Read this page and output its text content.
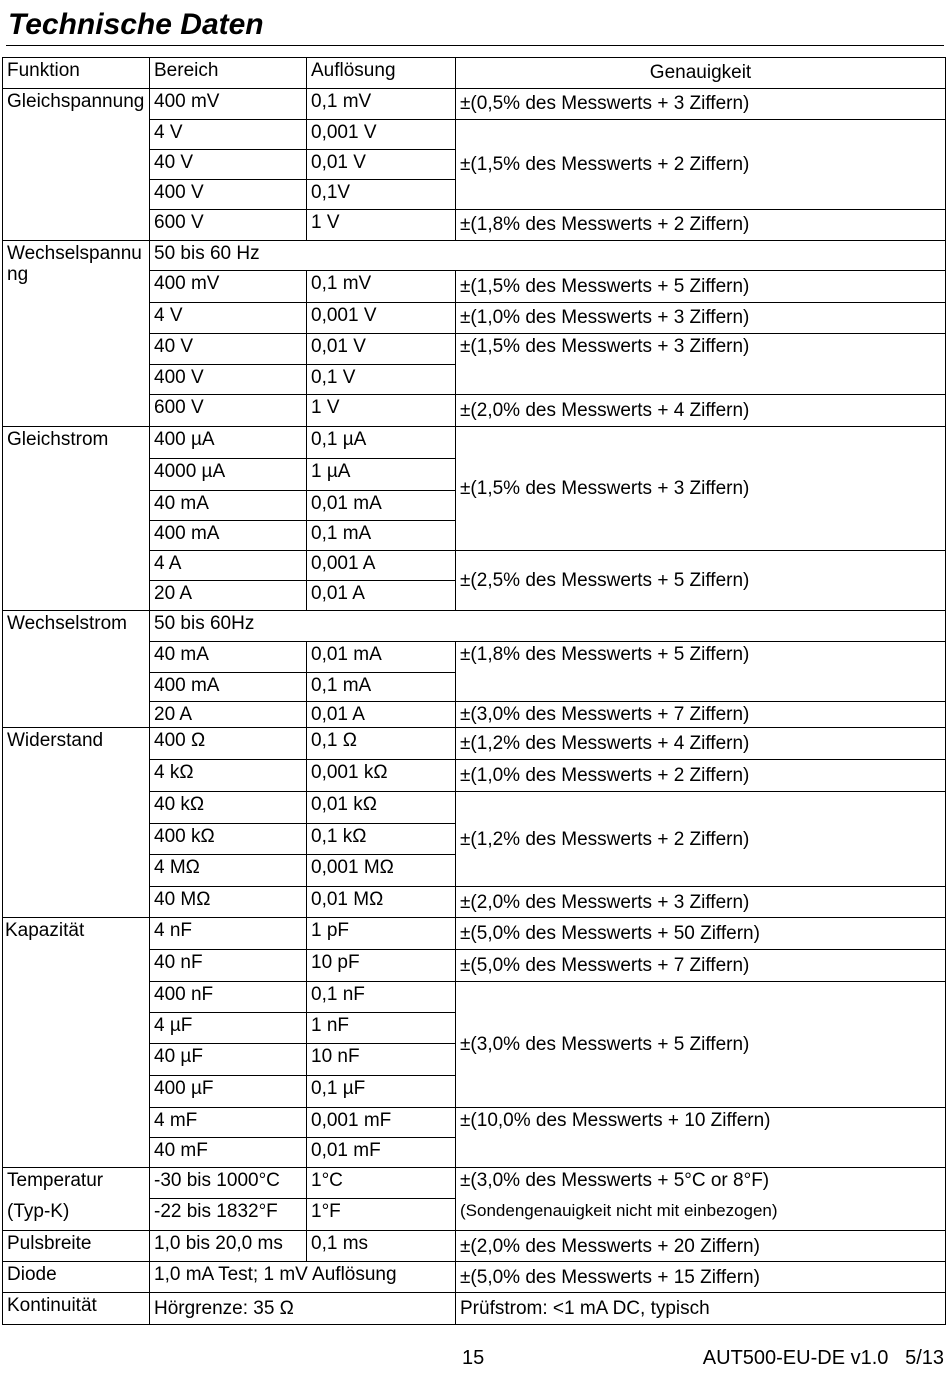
Technische Daten
Funktion	Bereich	Auflösung	Genauigkeit
Gleichspannung	400 mV	0,1 mV	±(0,5% des Messwerts + 3 Ziffern)
	4 V	0,001 V	±(1,5% des Messwerts + 2 Ziffern)
	40 V	0,01 V	
	400 V	0,1V	
	600 V	1 V	±(1,8% des Messwerts + 2 Ziffern)
Wechselspannung	50 bis 60 Hz		
	400 mV	0,1 mV	±(1,5% des Messwerts + 5 Ziffern)
	4 V	0,001 V	±(1,0% des Messwerts + 3 Ziffern)
	40 V	0,01 V	±(1,5% des Messwerts + 3 Ziffern)
	400 V	0,1 V	
	600 V	1 V	±(2,0% des Messwerts + 4 Ziffern)
Gleichstrom	400 µA	0,1 µA	±(1,5% des Messwerts + 3 Ziffern)
	4000 µA	1 µA	
	40 mA	0,01 mA	
	400 mA	0,1 mA	
	4 A	0,001 A	±(2,5% des Messwerts + 5 Ziffern)
	20 A	0,01 A	
Wechselstrom	50 bis 60Hz		
	40 mA	0,01 mA	±(1,8% des Messwerts + 5 Ziffern)
	400 mA	0,1 mA	
	20 A	0,01 A	±(3,0% des Messwerts + 7 Ziffern)
Widerstand	400 Ω	0,1 Ω	±(1,2% des Messwerts + 4 Ziffern)
	4 kΩ	0,001 kΩ	±(1,0% des Messwerts + 2 Ziffern)
	40 kΩ	0,01 kΩ	±(1,2% des Messwerts + 2 Ziffern)
	400 kΩ	0,1 kΩ	
	4 MΩ	0,001 MΩ	
	40 MΩ	0,01 MΩ	±(2,0% des Messwerts + 3 Ziffern)
Kapazität	4 nF	1 pF	±(5,0% des Messwerts + 50 Ziffern)
	40 nF	10 pF	±(5,0% des Messwerts + 7 Ziffern)
	400 nF	0,1 nF	±(3,0% des Messwerts + 5 Ziffern)
	4 µF	1 nF	
	40 µF	10 nF	
	400 µF	0,1 µF	
	4 mF	0,001 mF	±(10,0% des Messwerts + 10 Ziffern)
	40 mF	0,01 mF	
Temperatur	-30 bis 1000°C	1°C	±(3,0% des Messwerts + 5°C or 8°F)
(Typ-K)	-22 bis 1832°F	1°F	(Sondengenauigkeit nicht mit einbezogen)
Pulsbreite	1,0 bis 20,0 ms	0,1 ms	±(2,0% des Messwerts + 20 Ziffern)
Diode	1,0 mA Test; 1 mV Auflösung		±(5,0% des Messwerts + 15 Ziffern)
Kontinuität	Hörgrenze: 35 Ω		Prüfstrom: <1 mA DC, typisch
15	AUT500-EU-DE v1.0   5/13
